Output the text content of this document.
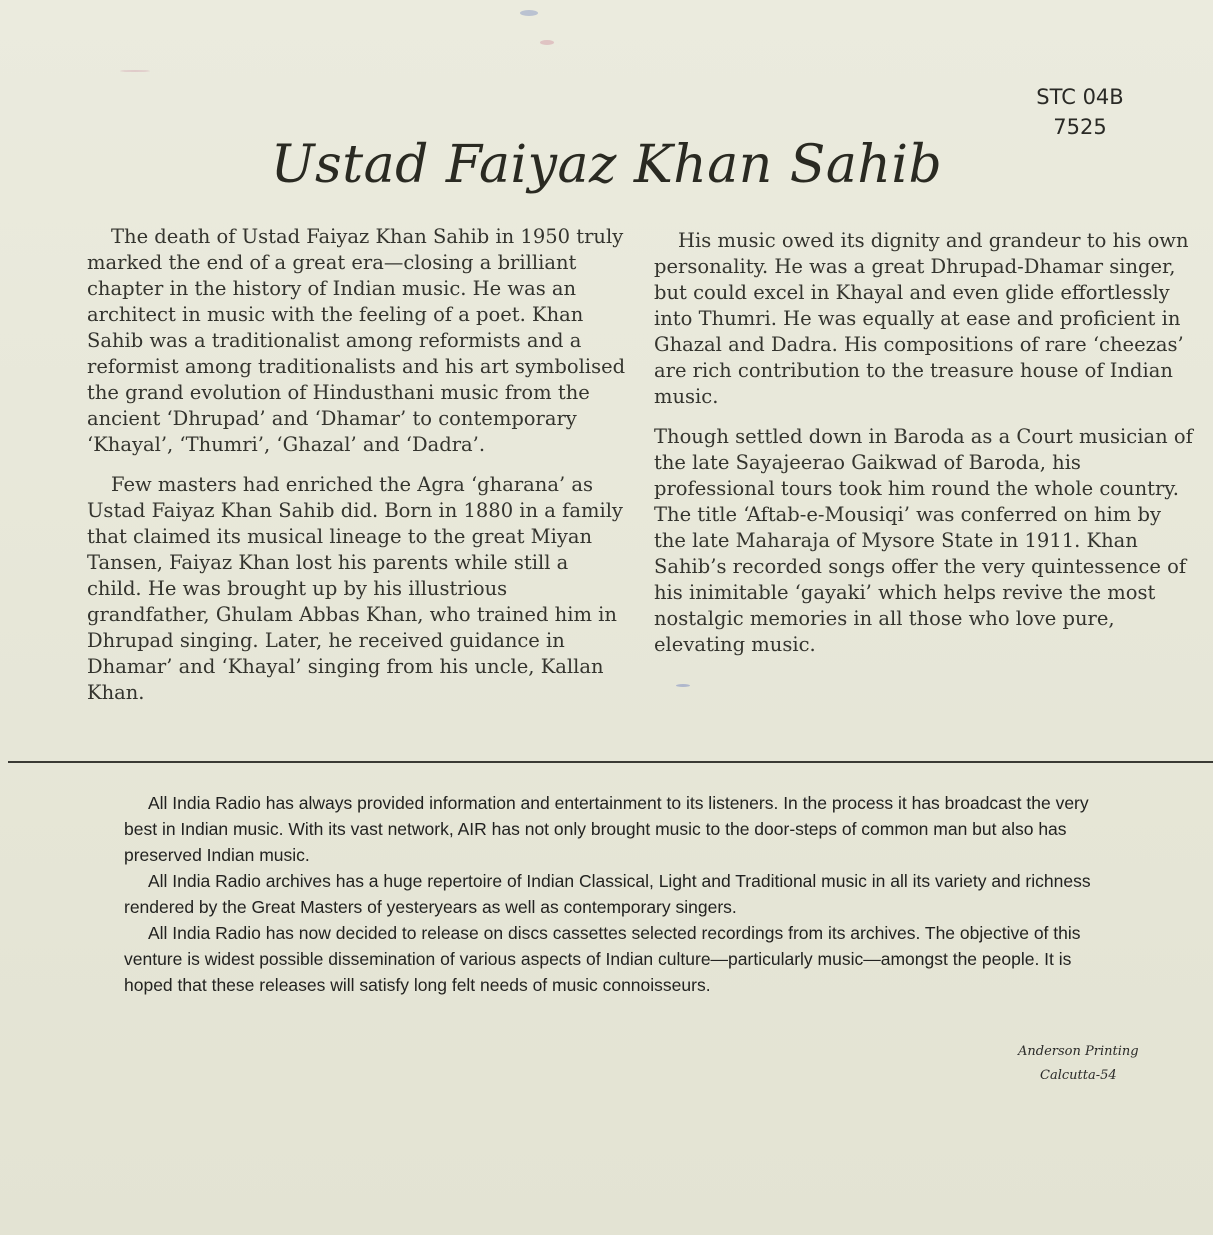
STC 04B
7525
Ustad Faiyaz Khan Sahib

The death of Ustad Faiyaz Khan Sahib in 1950 truly marked the end of a great era—closing a brilliant chapter in the history of Indian music. He was an architect in music with the feeling of a poet. Khan Sahib was a traditionalist among reformists and a reformist among traditionalists and his art symbolised the grand evolution of Hindusthani music from the ancient ‘Dhrupad’ and ‘Dhamar’ to contemporary ‘Khayal’, ‘Thumri’, ‘Ghazal’ and ‘Dadra’.

Few masters had enriched the Agra ‘gharana’ as Ustad Faiyaz Khan Sahib did. Born in 1880 in a family that claimed its musical lineage to the great Miyan Tansen, Faiyaz Khan lost his parents while still a child. He was brought up by his illustrious grandfather, Ghulam Abbas Khan, who trained him in Dhrupad singing. Later, he received guidance in Dhamar’ and ‘Khayal’ singing from his uncle, Kallan Khan.

His music owed its dignity and grandeur to his own personality. He was a great Dhrupad-Dhamar singer, but could excel in Khayal and even glide effortlessly into Thumri. He was equally at ease and proficient in Ghazal and Dadra. His compositions of rare ‘cheezas’ are rich contribution to the treasure house of Indian music.

Though settled down in Baroda as a Court musician of the late Sayajeerao Gaikwad of Baroda, his professional tours took him round the whole country. The title ‘Aftab-e-Mousiqi’ was conferred on him by the late Maharaja of Mysore State in 1911. Khan Sahib’s recorded songs offer the very quintessence of his inimitable ‘gayaki’ which helps revive the most nostalgic memories in all those who love pure, elevating music.

All India Radio has always provided information and entertainment to its listeners. In the process it has broadcast the very best in Indian music. With its vast network, AIR has not only brought music to the door-steps of common man but also has preserved Indian music.

All India Radio archives has a huge repertoire of Indian Classical, Light and Traditional music in all its variety and richness rendered by the Great Masters of yesteryears as well as contemporary singers.

All India Radio has now decided to release on discs cassettes selected recordings from its archives. The objective of this venture is widest possible dissemination of various aspects of Indian culture—particularly music—amongst the people. It is hoped that these releases will satisfy long felt needs of music connoisseurs.

Anderson Printing
Calcutta-54
